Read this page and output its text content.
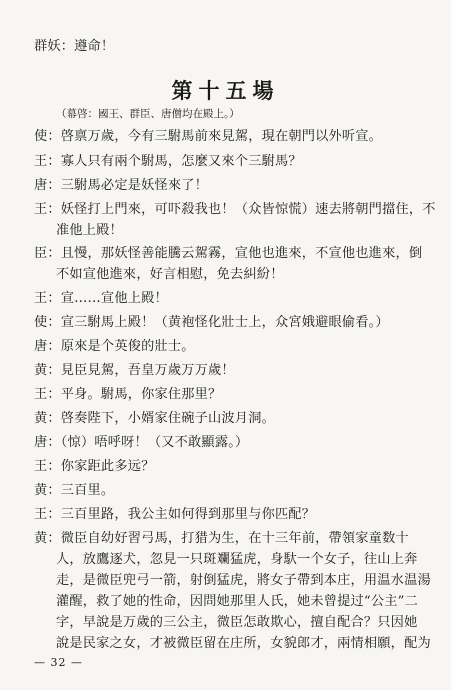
群妖：遵命！
第十五場
（幕啓：國王、群臣、唐僧均在殿上。）
使：啓禀万歲，今有三駙馬前來見駕，現在朝門以外听宣。
王：寡人只有兩个駙馬，怎麼又來个三駙馬？
唐：三駙馬必定是妖怪來了！
王：妖怪打上門來，可吓殺我也！（众皆惊慌）速去將朝門擋住，不
准他上殿！
臣：且慢，那妖怪善能騰云駕霧，宣他也進來，不宣他也進來，倒
不如宣他進來，好言相慰，免去糾紛！
王：宣……宣他上殿！
使：宣三駙馬上殿！（黄袍怪化壯士上，众宮娥避眼偷看。）
唐：原來是个英俊的壯士。
黄：見臣見駕，吾皇万歲万万歲！
王：平身。駙馬，你家住那里？
黄：啓奏陛下，小婿家住碗子山波月洞。
唐：（惊）唔呼呀！（又不敢顯露。）
王：你家距此多远？
黄：三百里。
王：三百里路，我公主如何得到那里与你匹配？
黄：微臣自幼好習弓馬，打猎为生，在十三年前，帶領家童数十
人，放鷹逐犬，忽見一只斑斕猛虎，身馱一个女子，往山上奔
走，是微臣兜弓一箭，射倒猛虎，將女子帶到本庄，用温水温湯
灌醒，救了她的性命，因問她那里人氏，她未曾提过“公主”二
字，早說是万歲的三公主，微臣怎敢欺心，擅自配合？只因她
說是民家之女，才被微臣留在庄所，女貌郎才，兩情相願，配为
— 32 —
